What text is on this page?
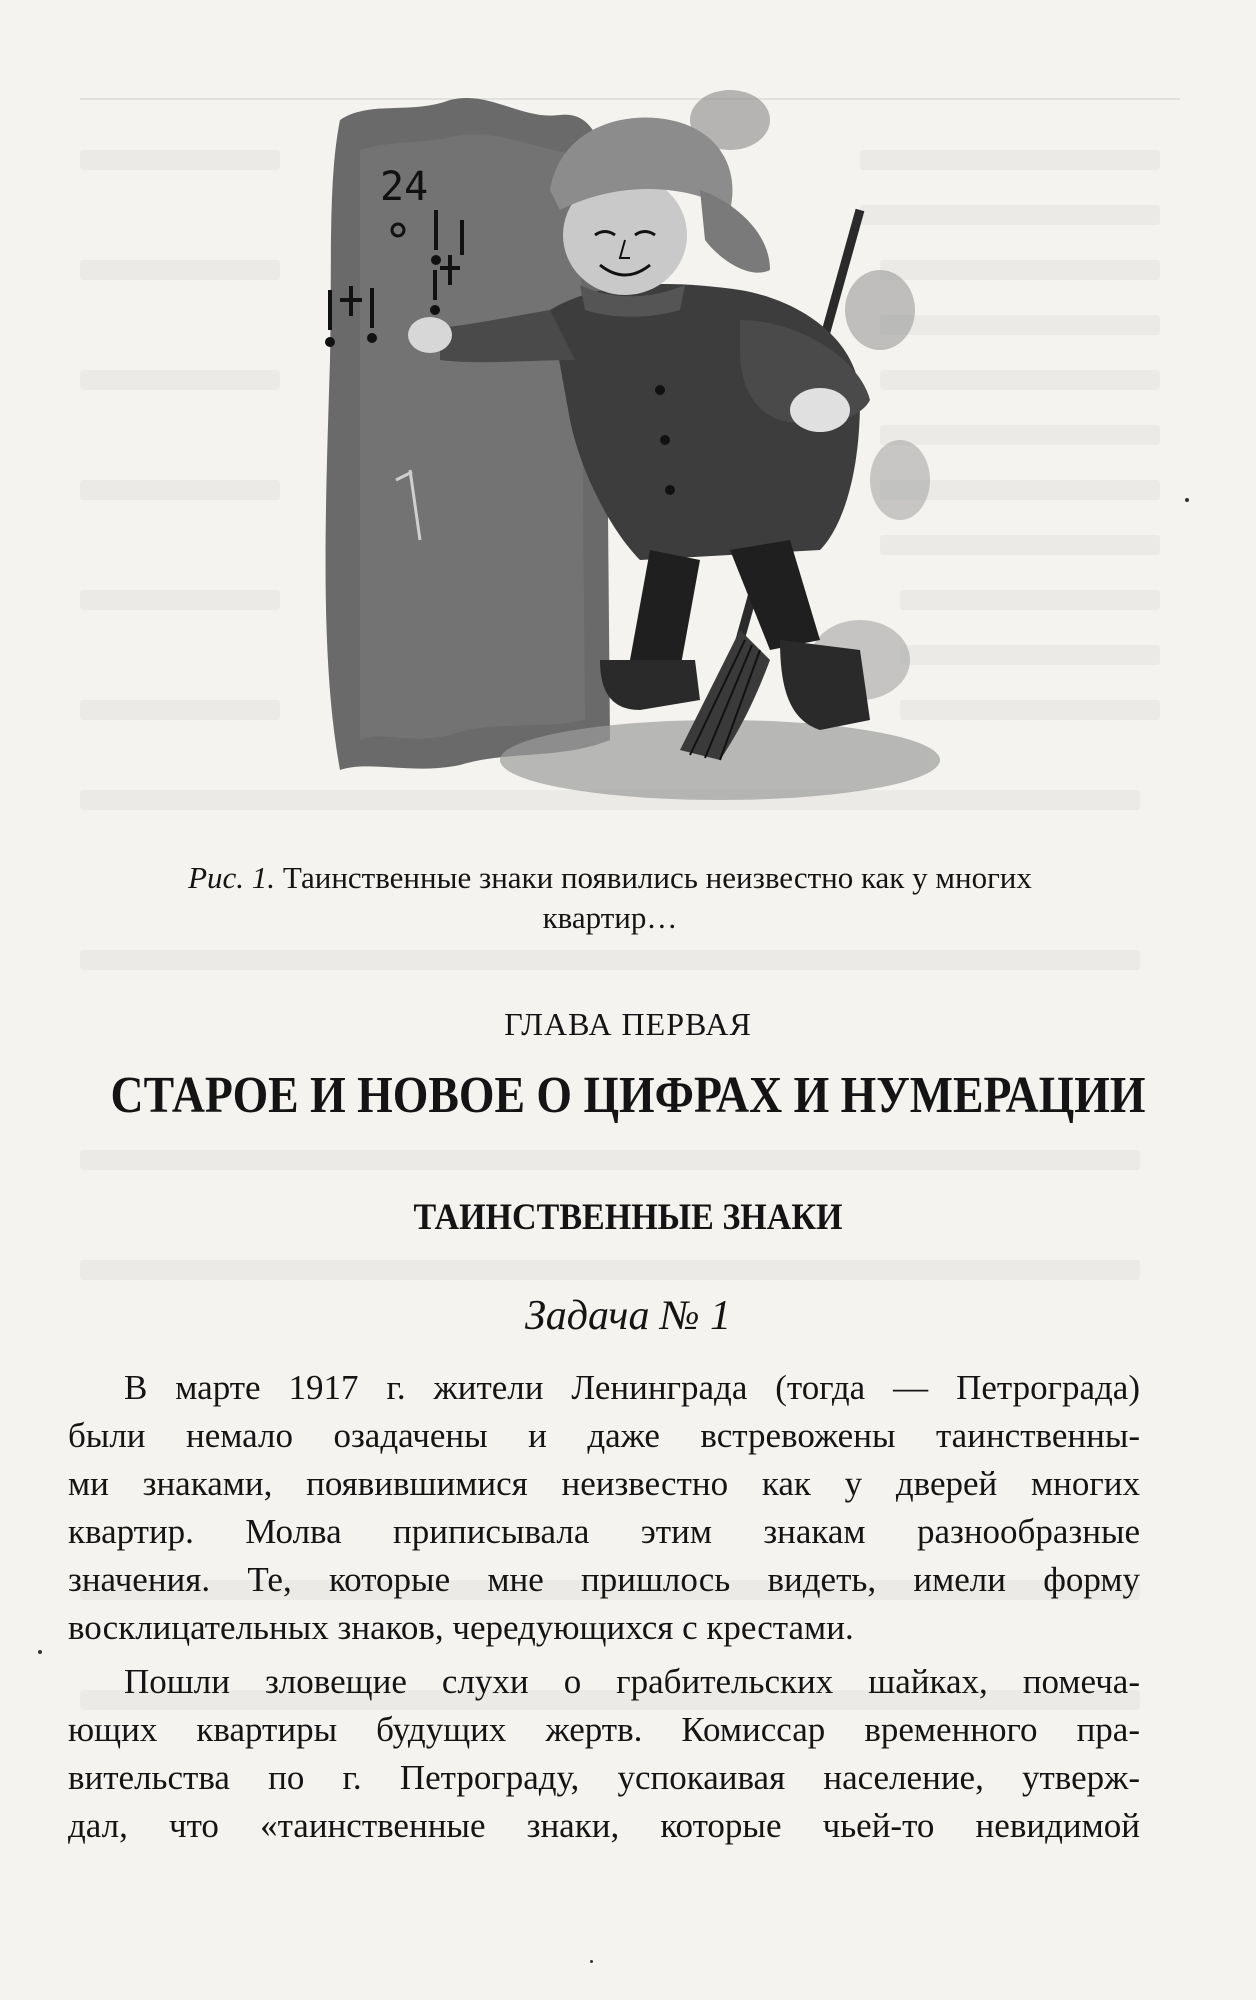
24
Рис. 1. Таинственные знаки появились неизвестно как у многих
квартир…
ГЛАВА ПЕРВАЯ
СТАРОЕ И НОВОЕ О ЦИФРАХ И НУМЕРАЦИИ
ТАИНСТВЕННЫЕ ЗНАКИ
Задача № 1
В марте 1917 г. жители Ленинграда (тогда — Петрограда)
были немало озадачены и даже встревожены таинственны-
ми знаками, появившимися неизвестно как у дверей многих
квартир. Молва приписывала этим знакам разнообразные
значения. Те, которые мне пришлось видеть, имели форму
восклицательных знаков, чередующихся с крестами.
Пошли зловещие слухи о грабительских шайках, помеча-
ющих квартиры будущих жертв. Комиссар временного пра-
вительства по г. Петрограду, успокаивая население, утверж-
дал, что «таинственные знаки, которые чьей-то невидимой
